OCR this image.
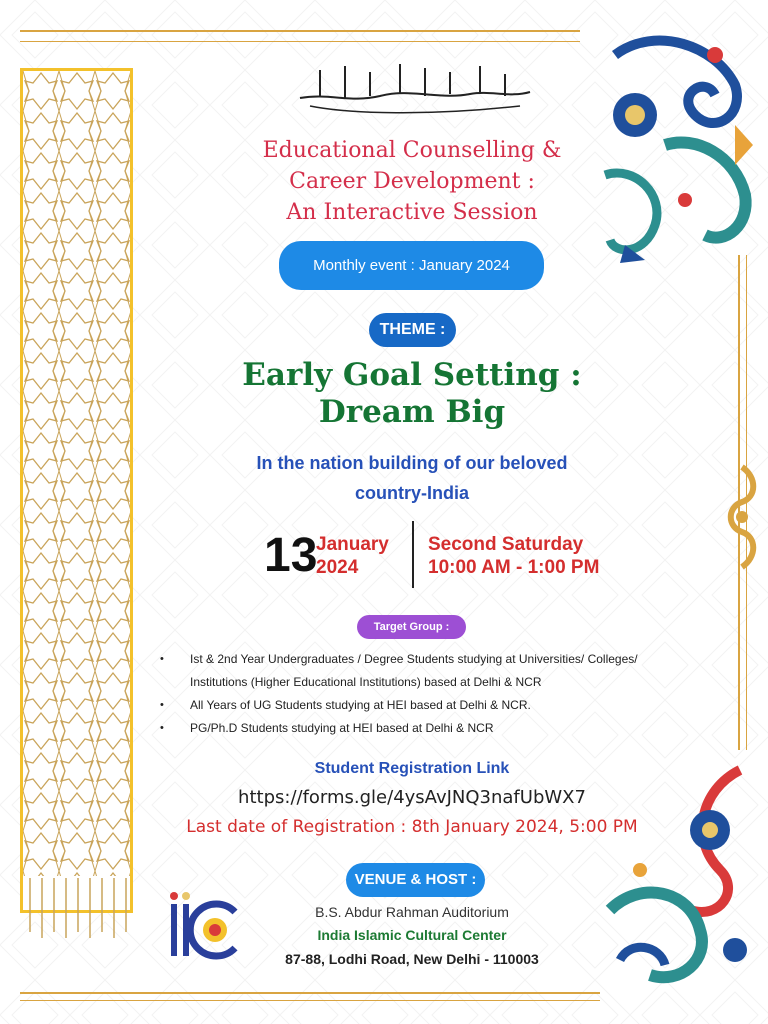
Educational Counselling &
Career Development :
An Interactive Session
Monthly event : January 2024
THEME :
Early Goal Setting :
Dream Big
In the nation building of our beloved
country-India
13
January
2024
Second Saturday
10:00 AM - 1:00 PM
Target Group :
• Ist & 2nd Year Undergraduates / Degree Students studying at Universities/ Colleges/ Institutions (Higher Educational Institutions) based at Delhi & NCR
• All Years of UG Students studying at HEI based at Delhi & NCR.
• PG/Ph.D Students studying at HEI based at Delhi & NCR
Student Registration Link
https://forms.gle/4ysAvJNQ3nafUbWX7
Last date of Registration : 8th January 2024, 5:00 PM
VENUE & HOST :
B.S. Abdur Rahman Auditorium
India Islamic Cultural Center
87-88, Lodhi Road, New Delhi - 110003
iic
